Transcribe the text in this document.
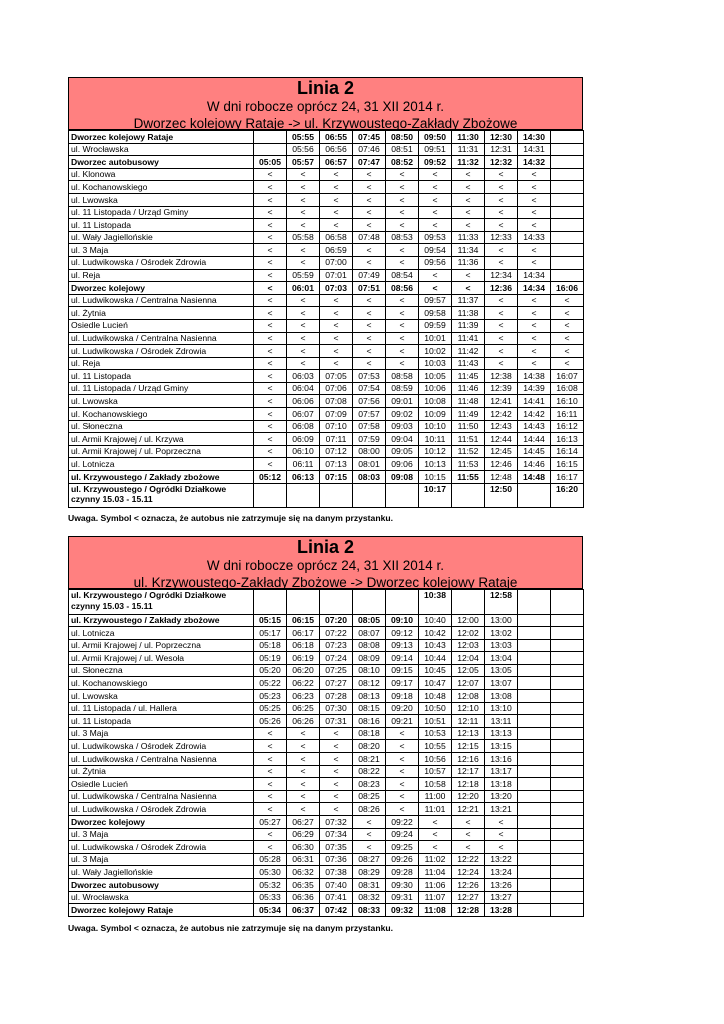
Linia 2
W dni robocze oprócz 24, 31 XII 2014 r.
Dworzec kolejowy Rataje -> ul. Krzywoustego-Zakłady Zbożowe
Dworzec kolejowy Rataje		05:55	06:55	07:45	08:50	09:50	11:30	12:30	14:30	
ul. Wrocławska		05:56	06:56	07:46	08:51	09:51	11:31	12:31	14:31	
Dworzec autobusowy	05:05	05:57	06:57	07:47	08:52	09:52	11:32	12:32	14:32	
ul. Klonowa	<	<	<	<	<	<	<	<	<	
ul. Kochanowskiego	<	<	<	<	<	<	<	<	<	
ul. Lwowska	<	<	<	<	<	<	<	<	<	
ul. 11 Listopada / Urząd Gminy	<	<	<	<	<	<	<	<	<	
ul. 11 Listopada	<	<	<	<	<	<	<	<	<	
ul. Wały Jagiellońskie	<	05:58	06:58	07:48	08:53	09:53	11:33	12:33	14:33	
ul. 3 Maja	<	<	06:59	<	<	09:54	11:34	<	<	
ul. Ludwikowska / Ośrodek Zdrowia	<	<	07:00	<	<	09:56	11:36	<	<	
ul. Reja	<	05:59	07:01	07:49	08:54	<	<	12:34	14:34	
Dworzec kolejowy	<	06:01	07:03	07:51	08:56	<	<	12:36	14:34	16:06
ul. Ludwikowska / Centralna Nasienna	<	<	<	<	<	09:57	11:37	<	<	<
ul. Żytnia	<	<	<	<	<	09:58	11:38	<	<	<
Osiedle Lucień	<	<	<	<	<	09:59	11:39	<	<	<
ul. Ludwikowska / Centralna Nasienna	<	<	<	<	<	10:01	11:41	<	<	<
ul. Ludwikowska / Ośrodek Zdrowia	<	<	<	<	<	10:02	11:42	<	<	<
ul. Reja	<	<	<	<	<	10:03	11:43	<	<	<
ul. 11 Listopada	<	06:03	07:05	07:53	08:58	10:05	11:45	12:38	14:38	16:07
ul. 11 Listopada / Urząd Gminy	<	06:04	07:06	07:54	08:59	10:06	11:46	12:39	14:39	16:08
ul. Lwowska	<	06:06	07:08	07:56	09:01	10:08	11:48	12:41	14:41	16:10
ul. Kochanowskiego	<	06:07	07:09	07:57	09:02	10:09	11:49	12:42	14:42	16:11
ul. Słoneczna	<	06:08	07:10	07:58	09:03	10:10	11:50	12:43	14:43	16:12
ul. Armii Krajowej / ul. Krzywa	<	06:09	07:11	07:59	09:04	10:11	11:51	12:44	14:44	16:13
ul. Armii Krajowej / ul. Poprzeczna	<	06:10	07:12	08:00	09:05	10:12	11:52	12:45	14:45	16:14
ul. Lotnicza	<	06:11	07:13	08:01	09:06	10:13	11:53	12:46	14:46	16:15
ul. Krzywoustego / Zakłady zbożowe	05:12	06:13	07:15	08:03	09:08	10:15	11:55	12:48	14:48	16:17
ul. Krzywoustego / Ogródki Działkowe czynny 15.03 - 15.11						10:17		12:50		16:20
Uwaga. Symbol < oznacza, że autobus nie zatrzymuje się na danym przystanku.
Linia 2
W dni robocze oprócz 24, 31 XII 2014 r.
ul. Krzywoustego-Zakłady Zbożowe -> Dworzec kolejowy Rataje
ul. Krzywoustego / Ogródki Działkowe czynny 15.03 - 15.11						10:38		12:58		
ul. Krzywoustego / Zakłady zbożowe	05:15	06:15	07:20	08:05	09:10	10:40	12:00	13:00		
ul. Lotnicza	05:17	06:17	07:22	08:07	09:12	10:42	12:02	13:02		
ul. Armii Krajowej / ul. Poprzeczna	05:18	06:18	07:23	08:08	09:13	10:43	12:03	13:03		
ul. Armii Krajowej / ul. Wesoła	05:19	06:19	07:24	08:09	09:14	10:44	12:04	13:04		
ul. Słoneczna	05:20	06:20	07:25	08:10	09:15	10:45	12:05	13:05		
ul. Kochanowskiego	05:22	06:22	07:27	08:12	09:17	10:47	12:07	13:07		
ul. Lwowska	05:23	06:23	07:28	08:13	09:18	10:48	12:08	13:08		
ul. 11 Listopada / ul. Hallera	05:25	06:25	07:30	08:15	09:20	10:50	12:10	13:10		
ul. 11 Listopada	05:26	06:26	07:31	08:16	09:21	10:51	12:11	13:11		
ul. 3 Maja	<	<	<	08:18	<	10:53	12:13	13:13		
ul. Ludwikowska / Ośrodek Zdrowia	<	<	<	08:20	<	10:55	12:15	13:15		
ul. Ludwikowska / Centralna Nasienna	<	<	<	08:21	<	10:56	12:16	13:16		
ul. Żytnia	<	<	<	08:22	<	10:57	12:17	13:17		
Osiedle Lucień	<	<	<	08:23	<	10:58	12:18	13:18		
ul. Ludwikowska / Centralna Nasienna	<	<	<	08:25	<	11:00	12:20	13:20		
ul. Ludwikowska / Ośrodek Zdrowia	<	<	<	08:26	<	11:01	12:21	13:21		
Dworzec kolejowy	05:27	06:27	07:32	<	09:22	<	<	<		
ul. 3 Maja	<	06:29	07:34	<	09:24	<	<	<		
ul. Ludwikowska / Ośrodek Zdrowia	<	06:30	07:35	<	09:25	<	<	<		
ul. 3 Maja	05:28	06:31	07:36	08:27	09:26	11:02	12:22	13:22		
ul. Wały Jagiellońskie	05:30	06:32	07:38	08:29	09:28	11:04	12:24	13:24		
Dworzec autobusowy	05:32	06:35	07:40	08:31	09:30	11:06	12:26	13:26		
ul. Wrocławska	05:33	06:36	07:41	08:32	09:31	11:07	12:27	13:27		
Dworzec kolejowy Rataje	05:34	06:37	07:42	08:33	09:32	11:08	12:28	13:28		
Uwaga. Symbol < oznacza, że autobus nie zatrzymuje się na danym przystanku.
